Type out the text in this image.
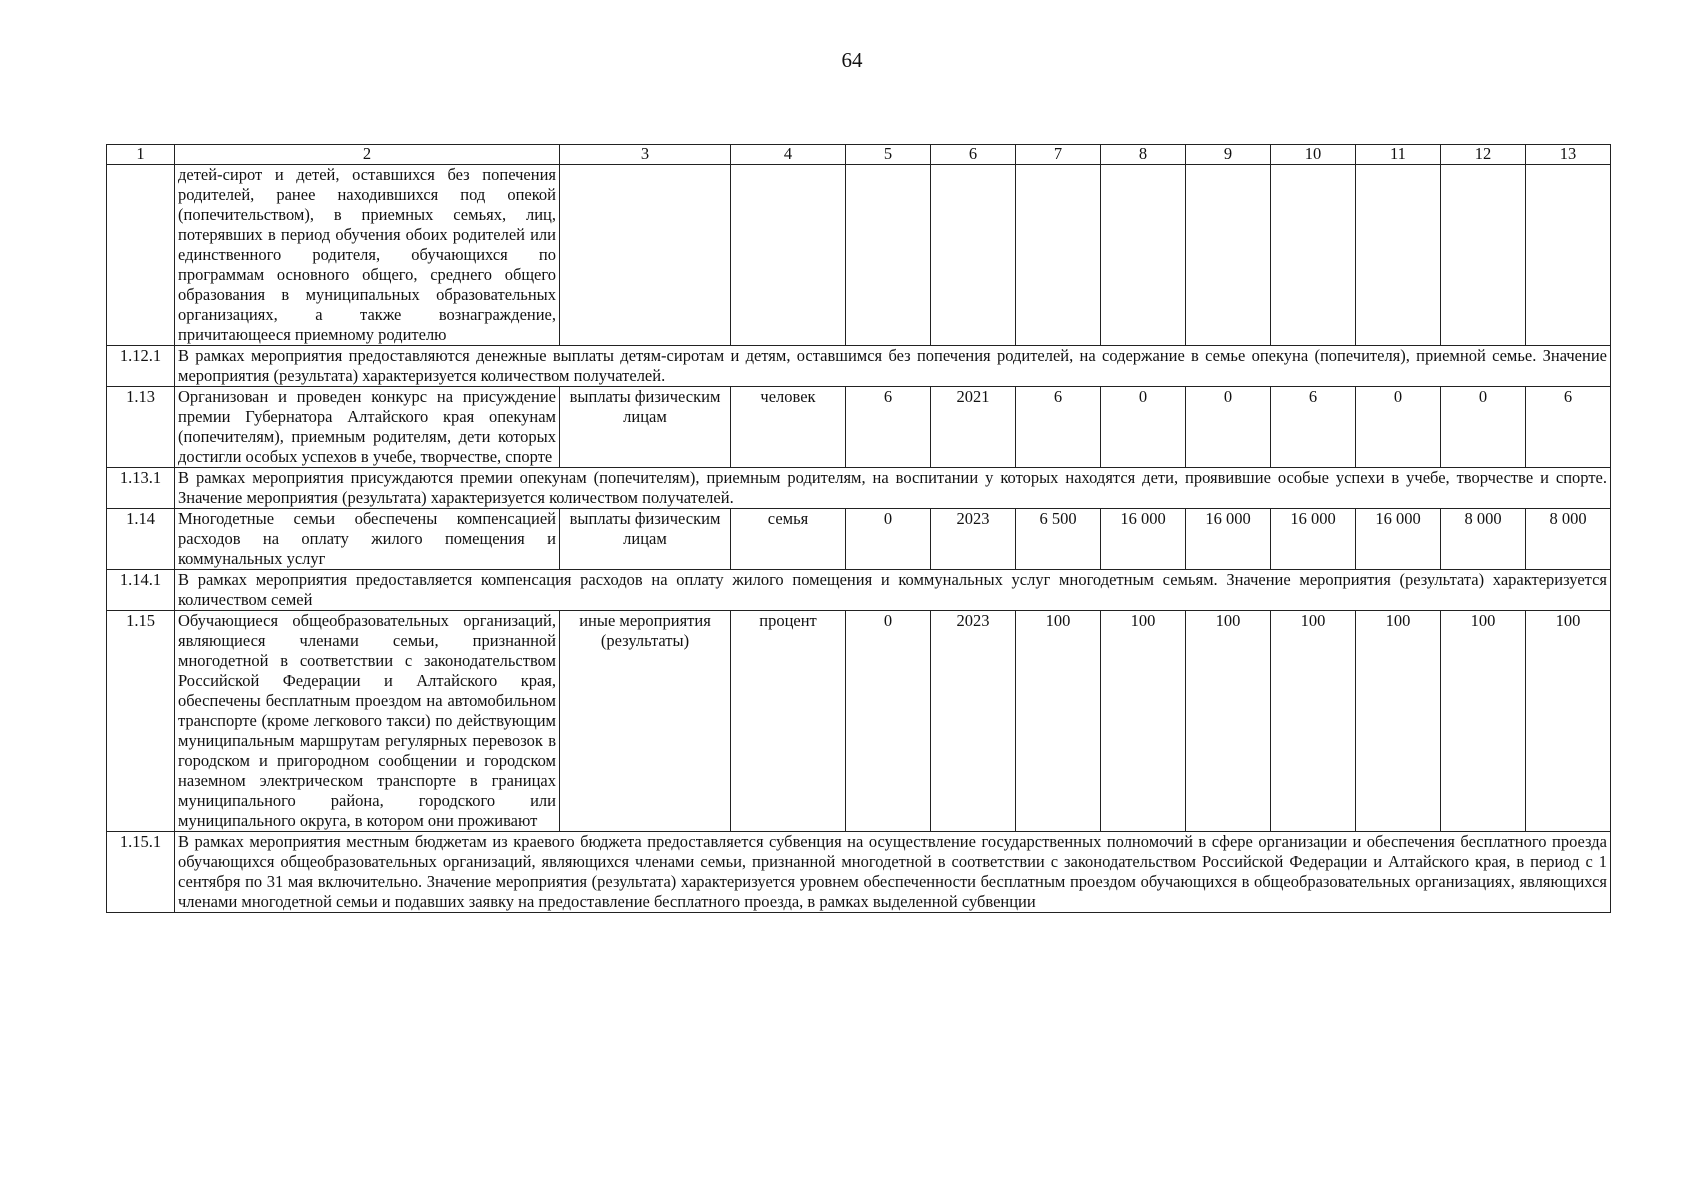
64
1	2	3	4	5	6	7	8	9	10	11	12	13
	детей-сирот и детей, оставшихся без попечения родителей, ранее находившихся под опекой (попечительством), в приемных семьях, лиц, потерявших в период обучения обоих родителей или единственного родителя, обучающихся по программам основного общего, среднего общего образования в муниципальных образовательных организациях, а также вознаграждение, причитающееся приемному родителю											
1.12.1	В рамках мероприятия предоставляются денежные выплаты детям-сиротам и детям, оставшимся без попечения родителей, на содержание в семье опекуна (попечителя), приемной семье. Значение мероприятия (результата) характеризуется количеством получателей.											
1.13	Организован и проведен конкурс на присуждение премии Губернатора Алтайского края опекунам (попечителям), приемным родителям, дети которых достигли особых успехов в учебе, творчестве, спорте	выплаты физическим лицам	человек	6	2021	6	0	0	6	0	0	6
1.13.1	В рамках мероприятия присуждаются премии опекунам (попечителям), приемным родителям, на воспитании у которых находятся дети, проявившие особые успехи в учебе, творчестве и спорте. Значение мероприятия (результата) характеризуется количеством получателей.											
1.14	Многодетные семьи обеспечены компенсацией расходов на оплату жилого помещения и коммунальных услуг	выплаты физическим лицам	семья	0	2023	6 500	16 000	16 000	16 000	16 000	8 000	8 000
1.14.1	В рамках мероприятия предоставляется компенсация расходов на оплату жилого помещения и коммунальных услуг многодетным семьям. Значение мероприятия (результата) характеризуется количеством семей											
1.15	Обучающиеся общеобразовательных организаций, являющиеся членами семьи, признанной многодетной в соответствии с законодательством Российской Федерации и Алтайского края, обеспечены бесплатным проездом на автомобильном транспорте (кроме легкового такси) по действующим муниципальным маршрутам регулярных перевозок в городском и пригородном сообщении и городском наземном электрическом транспорте в границах муниципального района, городского или муниципального округа, в котором они проживают	иные мероприятия (результаты)	процент	0	2023	100	100	100	100	100	100	100
1.15.1	В рамках мероприятия местным бюджетам из краевого бюджета предоставляется субвенция на осуществление государственных полномочий в сфере организации и обеспечения бесплатного проезда обучающихся общеобразовательных организаций, являющихся членами семьи, признанной многодетной в соответствии с законодательством Российской Федерации и Алтайского края, в период с 1 сентября по 31 мая включительно. Значение мероприятия (результата) характеризуется уровнем обеспеченности бесплатным проездом обучающихся в общеобразовательных организациях, являющихся членами многодетной семьи и подавших заявку на предоставление бесплатного проезда, в рамках выделенной субвенции											
